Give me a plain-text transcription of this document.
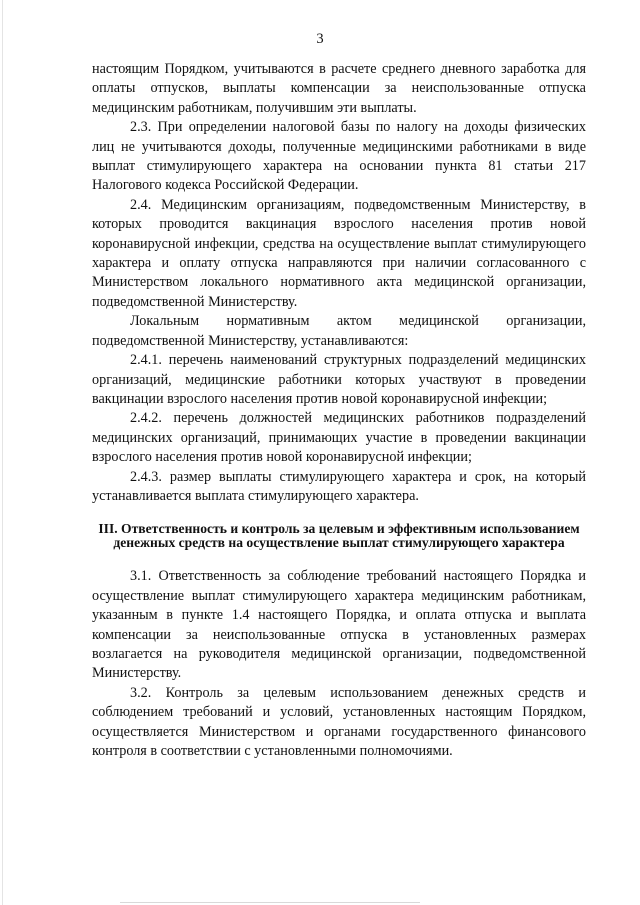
3

настоящим Порядком, учитываются в расчете среднего дневного заработка для оплаты отпусков, выплаты компенсации за неиспользованные отпуска медицинским работникам, получившим эти выплаты.

2.3. При определении налоговой базы по налогу на доходы физических лиц не учитываются доходы, полученные медицинскими работниками в виде выплат стимулирующего характера на основании пункта 81 статьи 217 Налогового кодекса Российской Федерации.

2.4. Медицинским организациям, подведомственным Министерству, в которых проводится вакцинация взрослого населения против новой коронавирусной инфекции, средства на осуществление выплат стимулирующего характера и оплату отпуска направляются при наличии согласованного с Министерством локального нормативного акта медицинской организации, подведомственной Министерству.

Локальным нормативным актом медицинской организации, подведомственной Министерству, устанавливаются:

2.4.1. перечень наименований структурных подразделений медицинских организаций, медицинские работники которых участвуют в проведении вакцинации взрослого населения против новой коронавирусной инфекции;

2.4.2. перечень должностей медицинских работников подразделений медицинских организаций, принимающих участие в проведении вакцинации взрослого населения против новой коронавирусной инфекции;

2.4.3. размер выплаты стимулирующего характера и срок, на который устанавливается выплата стимулирующего характера.

III. Ответственность и контроль за целевым и эффективным использованием денежных средств на осуществление выплат стимулирующего характера

3.1. Ответственность за соблюдение требований настоящего Порядка и осуществление выплат стимулирующего характера медицинским работникам, указанным в пункте 1.4 настоящего Порядка, и оплата отпуска и выплата компенсации за неиспользованные отпуска в установленных размерах возлагается на руководителя медицинской организации, подведомственной Министерству.

3.2. Контроль за целевым использованием денежных средств и соблюдением требований и условий, установленных настоящим Порядком, осуществляется Министерством и органами государственного финансового контроля в соответствии с установленными полномочиями.
